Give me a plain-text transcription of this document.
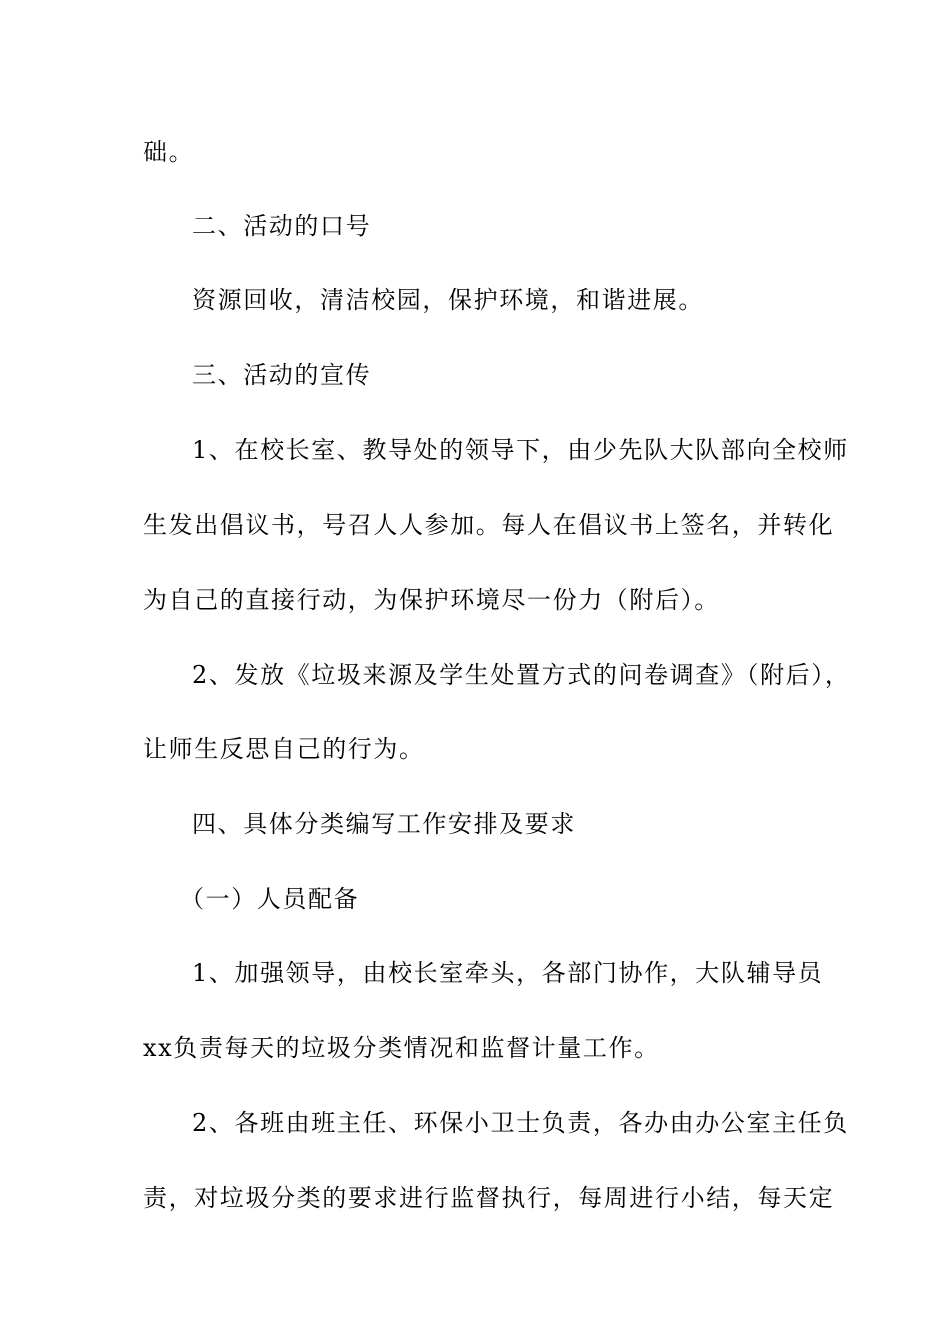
础。
二、活动的口号
资源回收，清洁校园，保护环境，和谐进展。
三、活动的宣传
1、在校长室、教导处的领导下，由少先队大队部向全校师
生发出倡议书，号召人人参加。每人在倡议书上签名，并转化
为自己的直接行动，为保护环境尽一份力（附后）。
2、发放《垃圾来源及学生处置方式的问卷调查》（附后），
让师生反思自己的行为。
四、具体分类编写工作安排及要求
（一）人员配备
1、加强领导，由校长室牵头，各部门协作，大队辅导员
xx负责每天的垃圾分类情况和监督计量工作。
2、各班由班主任、环保小卫士负责，各办由办公室主任负
责，对垃圾分类的要求进行监督执行，每周进行小结，每天定
